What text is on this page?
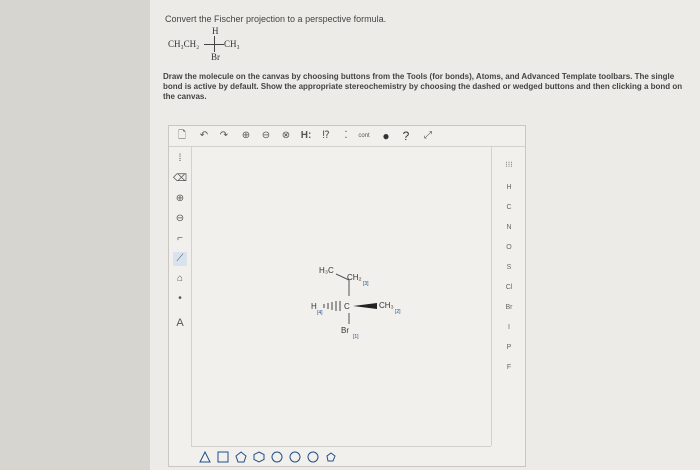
Convert the Fischer projection to a perspective formula.
H
CH₃CH₂	CH₃
Br
Draw the molecule on the canvas by choosing buttons from the Tools (for bonds), Atoms, and Advanced Template toolbars. The single bond is active by default. Show the appropriate stereochemistry by choosing the dashed or wedged buttons and then clicking a bond on the canvas.
🗋 ↶ ↷ ⊕ ⊖ ⊗ H:	⁉	⁚	cont ●	?	⤢
⁞
⌫
⊕
⊖
⌐
⟋
⌂
•
A
H₃C
CH₂
[3]
H
[4]
C	CH₃
[2]
Br
[1]
⁝⁝⁝
H
C
N
O
S
Cl
Br
I
P
F
